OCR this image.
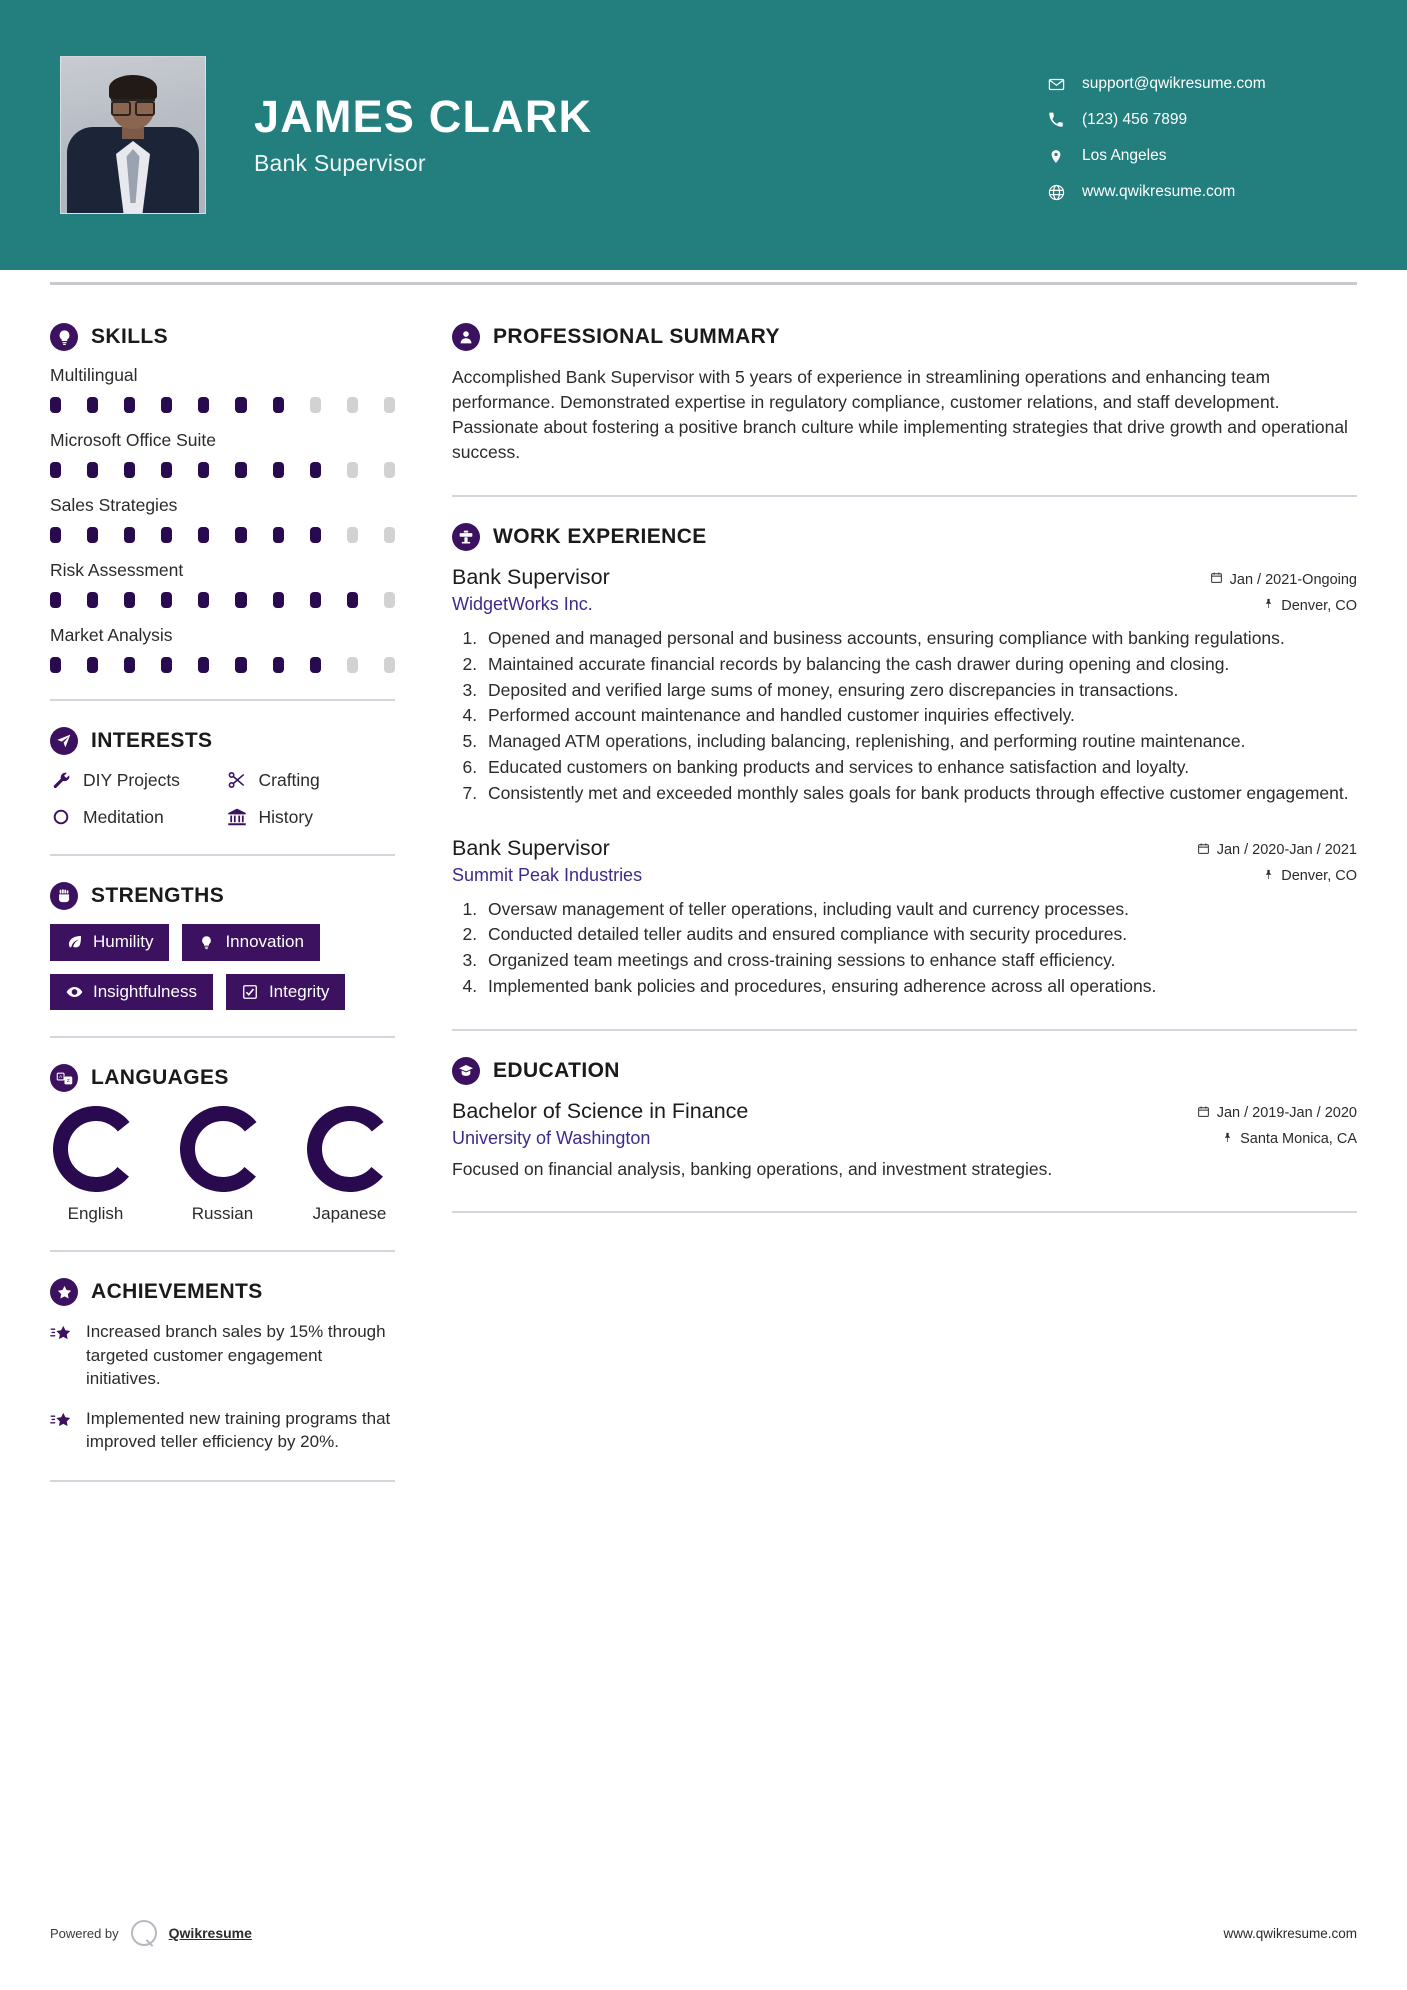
JAMES CLARK
Bank Supervisor
support@qwikresume.com
(123) 456 7899
Los Angeles
www.qwikresume.com
SKILLS
Multilingual
Microsoft Office Suite
Sales Strategies
Risk Assessment
Market Analysis
INTERESTS
DIY Projects	Crafting
Meditation	History
STRENGTHS
Humility	Innovation
Insightfulness	Integrity
A
Z LANGUAGES
English	Russian	Japanese
ACHIEVEMENTS

Increased branch sales by 15% through targeted customer engagement initiatives.

Implemented new training programs that improved teller efficiency by 20%.

PROFESSIONAL SUMMARY

Accomplished Bank Supervisor with 5 years of experience in streamlining operations and enhancing team performance. Demonstrated expertise in regulatory compliance, customer relations, and staff development. Passionate about fostering a positive branch culture while implementing strategies that drive growth and operational success.

WORK EXPERIENCE
Bank Supervisor	Jan / 2021-Ongoing
WidgetWorks Inc.	Denver, CO
1. Opened and managed personal and business accounts, ensuring compliance with banking regulations.
2. Maintained accurate financial records by balancing the cash drawer during opening and closing.
3. Deposited and verified large sums of money, ensuring zero discrepancies in transactions.
4. Performed account maintenance and handled customer inquiries effectively.
5. Managed ATM operations, including balancing, replenishing, and performing routine maintenance.
6. Educated customers on banking products and services to enhance satisfaction and loyalty.
7. Consistently met and exceeded monthly sales goals for bank products through effective customer engagement.
Bank Supervisor	Jan / 2020-Jan / 2021
Summit Peak Industries	Denver, CO
1. Oversaw management of teller operations, including vault and currency processes.
2. Conducted detailed teller audits and ensured compliance with security procedures.
3. Organized team meetings and cross-training sessions to enhance staff efficiency.
4. Implemented bank policies and procedures, ensuring adherence across all operations.
EDUCATION
Bachelor of Science in Finance	Jan / 2019-Jan / 2020
University of Washington	Santa Monica, CA

Focused on financial analysis, banking operations, and investment strategies.

Powered by	Qwikresume	www.qwikresume.com
